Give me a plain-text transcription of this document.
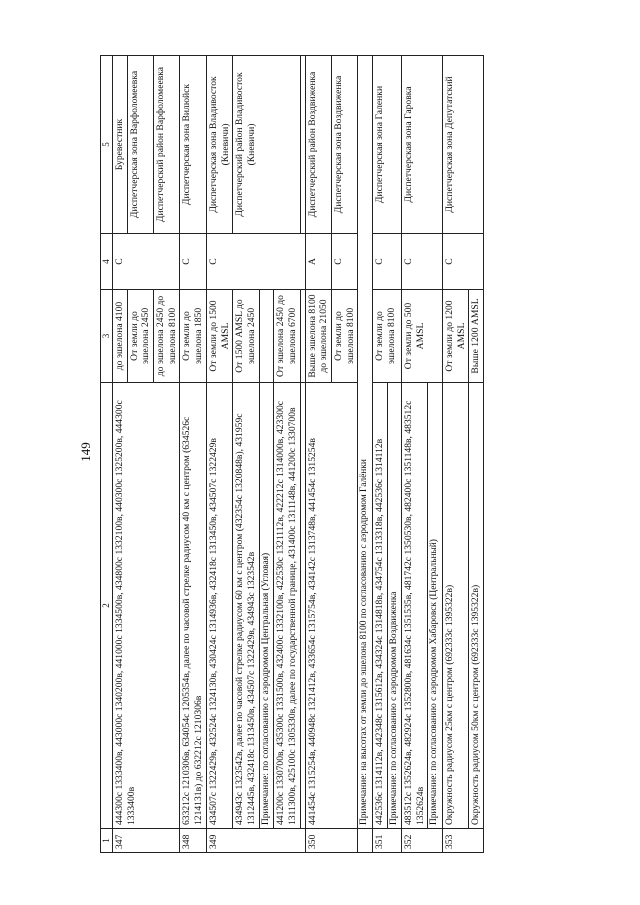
149
1	2	3	4	5
347	444300с 1333400в, 443000с 1340200в, 441000с 1334500в, 434800с 1332100в, 440300с 1325200в, 444300с 1333400в	до эшелона 4100	С	Буревестник
		От земли до эшелона 2450		Диспетчерская зона Варфоломеевка
		до эшелона 2450 до эшелона 8100		Диспетчерский район Варфоломеевка
348	633212с 1210306в, 634054с 1205354в, далее по часовой стрелке радиусом 40 км с центром (634526с 1214131в) до 632212с 1210306в	От земли до эшелона 1850	С	Диспетчерская зона Вилюйск
349	434507с 1322429в, 432524с 1324130в, 430424с 1314936в, 432418с 1313450в, 434507с 1322429в	От земли до 1500 AMSL	С	Диспетчерская зона Владивосток (Кневичи)
	434943с 1323542в, далее по часовой стрелке радиусом 60 км с центром (432354с 1320848в), 431959с 1312445в, 432418с 1313450в, 434507с 1322429в, 434943с 1323542в	От 1500 AMSL до эшелона 2450		Диспетчерский район Владивосток (Кневичи)
	Примечание: по согласованию с аэродромом Центральная (Угловая)			
	441200с 1330700в, 435300с 1331500в, 432400с 1332100в, 422530с 1321112в, 422212с 1314000в, 423300с 1311300в, 425100с 1305330в, далее по государственной границе, 431400с 1311148в, 441200с 1330700в	От эшелона 2450 до эшелона 6700		

350	441454с 1315254в, 440948с 1321412в, 433654с 1315754в, 434142с 1313748в, 441454с 1315254в	Выше эшелона 8100 до эшелона 21050	А	Диспетчерский район Воздвиженка
		От земли до эшелона 8100	С	Диспетчерская зона Воздвиженка
	Примечание: на высотах от земли до эшелона 8100 по согласованию с аэродромом Галёнки			
351	442536с 1314112в, 442348с 1315612в, 434324с 1314818в, 434754с 1313318в, 442536с 1314112в	От земли до эшелона 8100	С	Диспетчерская зона Галенки
	Примечание: по согласованию с аэродромом Воздвиженка			
352	483512с 1352624в, 482924с 1352800в, 481634с 1351535в, 481742с 1350530в, 482400с 1351148в, 483512с 1352624в	От земли до 500 AMSL	С	Диспетчерская зона Гаровка
	Примечание: по согласованию с аэродромом Хабаровск (Центральный)			
353	Окружность радиусом 25км с центром (692333с 1395322в)	От земли до 1200 AMSL	С	Диспетчерская зона Депутатский
	Окружность радиусом 50км с центром (692333с 1395322в)	Выше 1200 AMSL		
